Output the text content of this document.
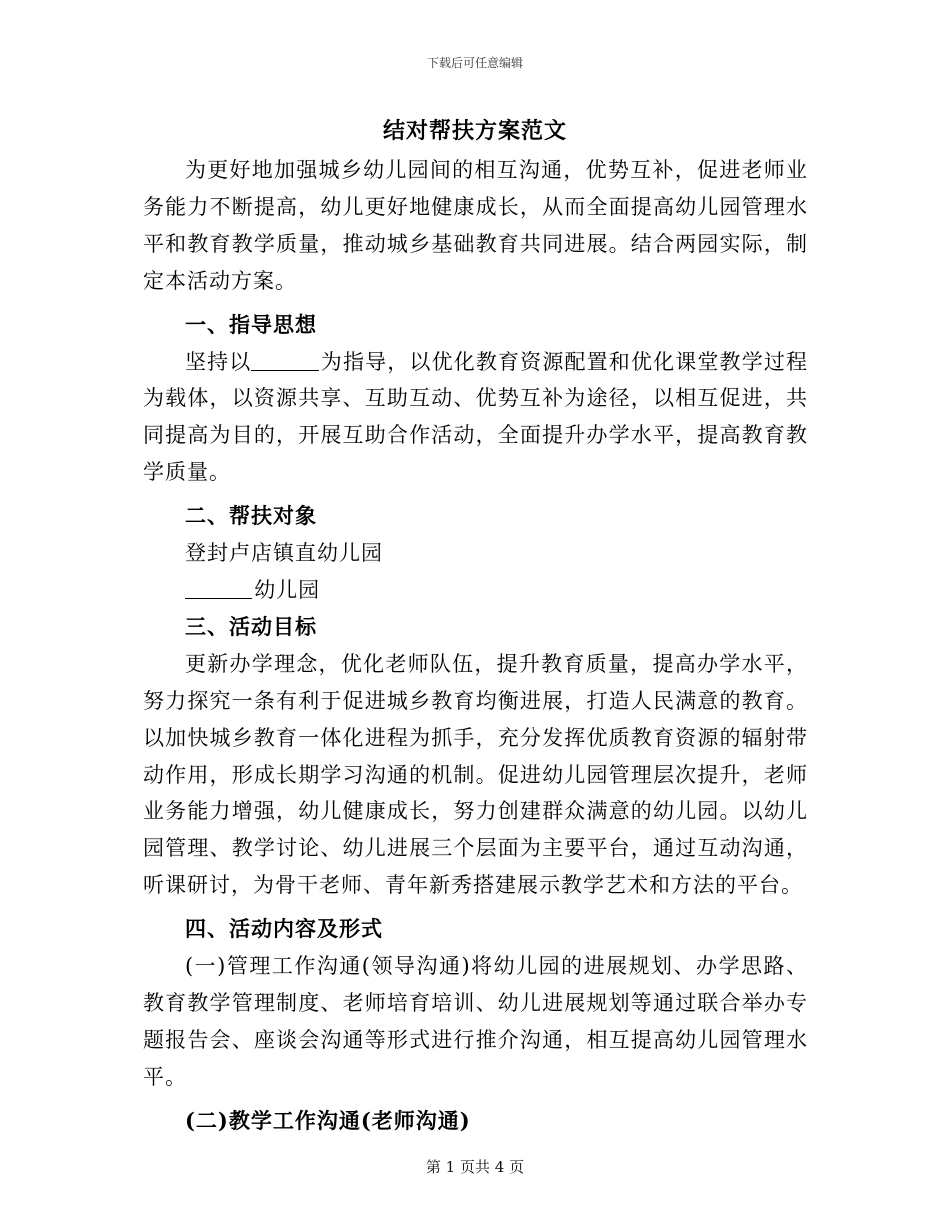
下载后可任意编辑
结对帮扶方案范文

为更好地加强城乡幼儿园间的相互沟通，优势互补，促进老师业务能力不断提高，幼儿更好地健康成长，从而全面提高幼儿园管理水平和教育教学质量，推动城乡基础教育共同进展。结合两园实际，制定本活动方案。

一、指导思想

坚持以	为指导，以优化教育资源配置和优化课堂教学过程为载体，以资源共享、互助互动、优势互补为途径，以相互促进，共同提高为目的，开展互助合作活动，全面提升办学水平，提高教育教学质量。

二、帮扶对象

登封卢店镇直幼儿园

幼儿园

三、活动目标

更新办学理念，优化老师队伍，提升教育质量，提高办学水平，努力探究一条有利于促进城乡教育均衡进展，打造人民满意的教育。以加快城乡教育一体化进程为抓手，充分发挥优质教育资源的辐射带动作用，形成长期学习沟通的机制。促进幼儿园管理层次提升，老师业务能力增强，幼儿健康成长，努力创建群众满意的幼儿园。以幼儿园管理、教学讨论、幼儿进展三个层面为主要平台，通过互动沟通，听课研讨，为骨干老师、青年新秀搭建展示教学艺术和方法的平台。

四、活动内容及形式

(一)管理工作沟通(领导沟通)将幼儿园的进展规划、办学思路、教育教学管理制度、老师培育培训、幼儿进展规划等通过联合举办专题报告会、座谈会沟通等形式进行推介沟通，相互提高幼儿园管理水平。

(二)教学工作沟通(老师沟通)

第 1 页共 4 页
